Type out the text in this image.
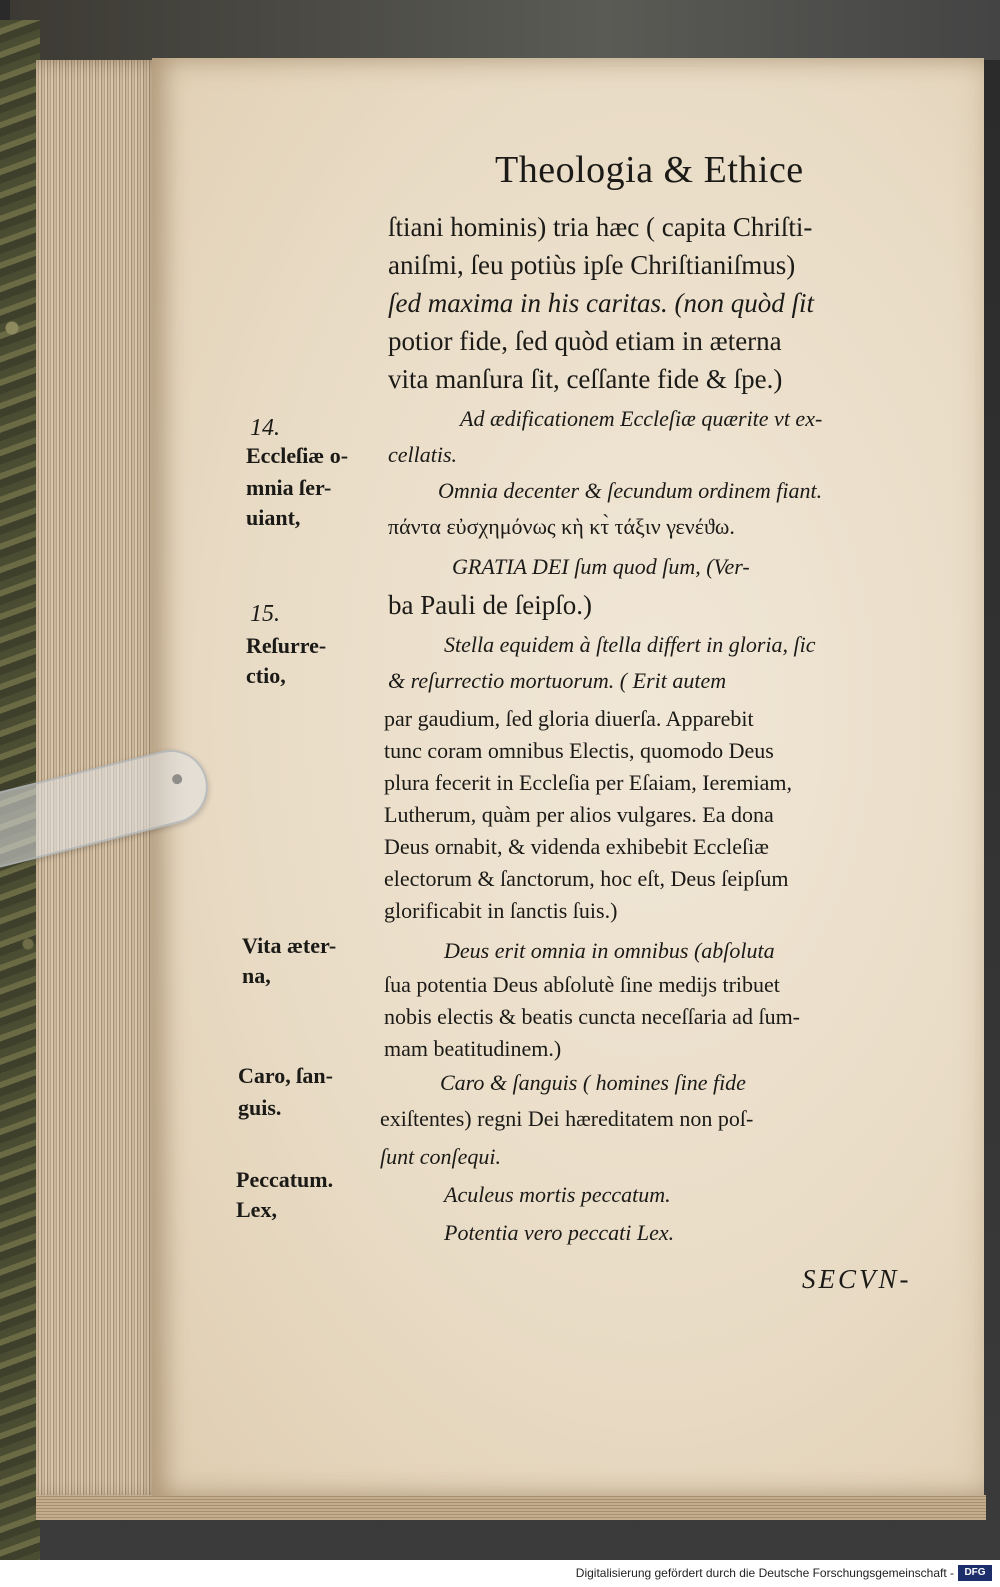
Theologia & Ethice
ſtiani hominis) tria hæc ( capita Chriſti-
aniſmi, ſeu potiùs ipſe Chriſtianiſmus)
ſed maxima in his caritas. (non quòd ſit
potior fide, ſed quòd etiam in æterna
vita manſura ſit, ceſſante fide & ſpe.)
Ad ædificationem Eccleſiæ quærite vt ex-
cellatis.
Omnia decenter & ſecundum ordinem fiant.
πάντα εὐσχημόνως κὴ κτ̀ τάξιν γενέϑω.
GRATIA DEI ſum quod ſum, (Ver-
ba Pauli de ſeipſo.)
Stella equidem à ſtella differt in gloria, ſic
& reſurrectio mortuorum. ( Erit autem
par gaudium, ſed gloria diuerſa. Apparebit
tunc coram omnibus Electis, quomodo Deus
plura fecerit in Eccleſia per Eſaiam, Ieremiam,
Lutherum, quàm per alios vulgares. Ea dona
Deus ornabit, & videnda exhibebit Eccleſiæ
electorum & ſanctorum, hoc eſt, Deus ſeipſum
glorificabit in ſanctis ſuis.)
Deus erit omnia in omnibus (abſoluta
ſua potentia Deus abſolutè ſine medijs tribuet
nobis electis & beatis cuncta neceſſaria ad ſum-
mam beatitudinem.)
Caro & ſanguis ( homines ſine fide
exiſtentes) regni Dei hæreditatem non poſ-
ſunt conſequi.
Aculeus mortis peccatum.
Potentia vero peccati Lex.
SECVN-
14.
Eccleſiæ o-
mnia ſer-
uiant,
15.
Reſurre-
ctio,
Vita æter-
na,
Caro, ſan-
guis.
Peccatum.
Lex,
Digitalisierung gefördert durch die Deutsche Forschungsgemeinschaft -	DFG
